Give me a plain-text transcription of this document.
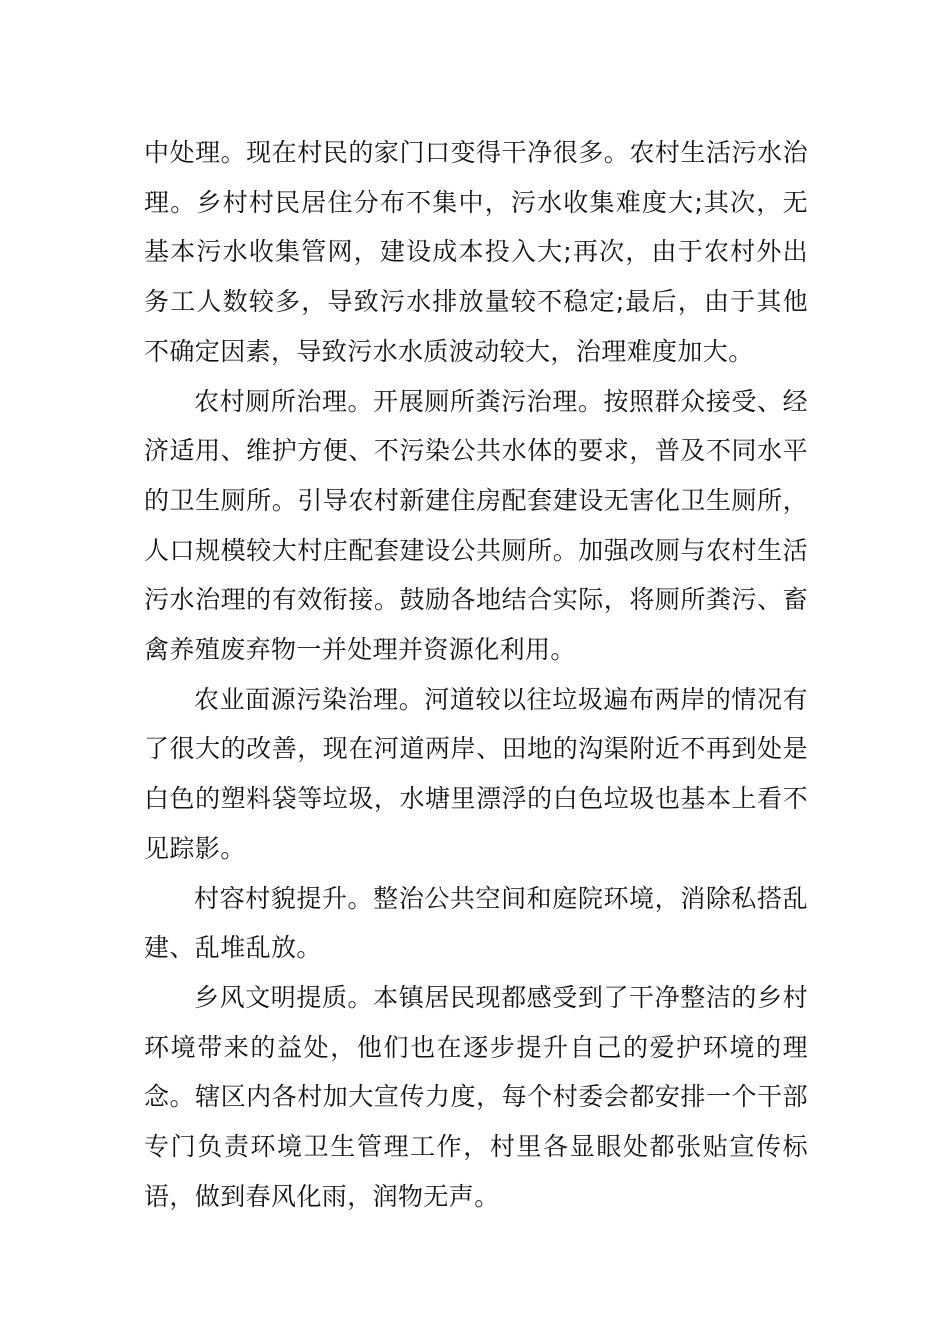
中处理。现在村民的家门口变得干净很多。农村生活污水治理。乡村村民居住分布不集中，污水收集难度大;其次，无基本污水收集管网，建设成本投入大;再次，由于农村外出务工人数较多，导致污水排放量较不稳定;最后，由于其他不确定因素，导致污水水质波动较大，治理难度加大。

农村厕所治理。开展厕所粪污治理。按照群众接受、经济适用、维护方便、不污染公共水体的要求，普及不同水平的卫生厕所。引导农村新建住房配套建设无害化卫生厕所，人口规模较大村庄配套建设公共厕所。加强改厕与农村生活污水治理的有效衔接。鼓励各地结合实际，将厕所粪污、畜禽养殖废弃物一并处理并资源化利用。

农业面源污染治理。河道较以往垃圾遍布两岸的情况有了很大的改善，现在河道两岸、田地的沟渠附近不再到处是白色的塑料袋等垃圾，水塘里漂浮的白色垃圾也基本上看不见踪影。

村容村貌提升。整治公共空间和庭院环境，消除私搭乱建、乱堆乱放。

乡风文明提质。本镇居民现都感受到了干净整洁的乡村环境带来的益处，他们也在逐步提升自己的爱护环境的理念。辖区内各村加大宣传力度，每个村委会都安排一个干部专门负责环境卫生管理工作，村里各显眼处都张贴宣传标语，做到春风化雨，润物无声。
